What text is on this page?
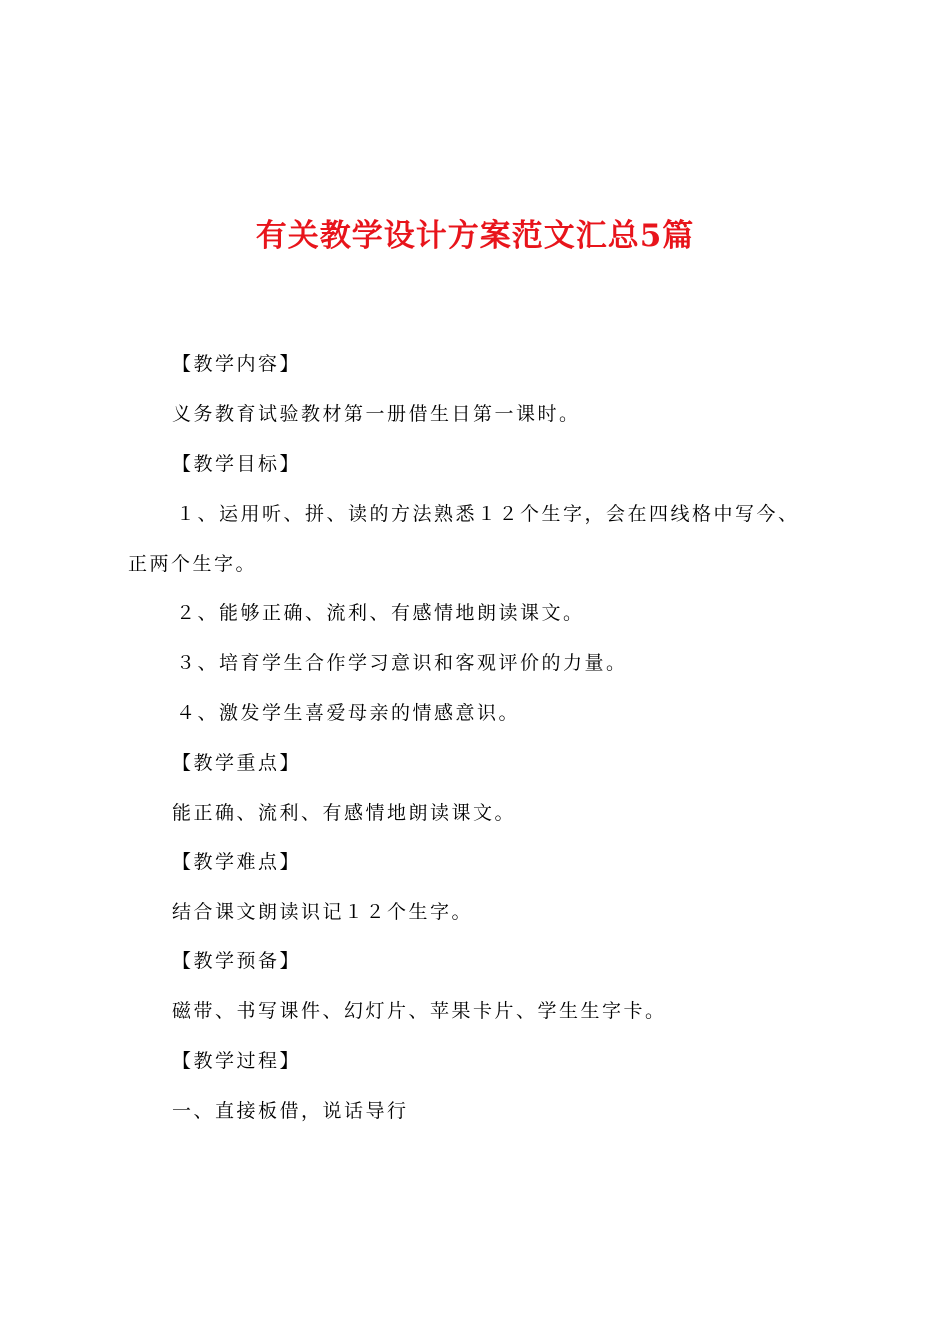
有关教学设计方案范文汇总5篇
【教学内容】
义务教育试验教材第一册借生日第一课时。
【教学目标】
１、运用听、拼、读的方法熟悉１２个生字，会在四线格中写今、
正两个生字。
２、能够正确、流利、有感情地朗读课文。
３、培育学生合作学习意识和客观评价的力量。
４、激发学生喜爱母亲的情感意识。
【教学重点】
能正确、流利、有感情地朗读课文。
【教学难点】
结合课文朗读识记１２个生字。
【教学预备】
磁带、书写课件、幻灯片、苹果卡片、学生生字卡。
【教学过程】
一、直接板借，说话导行
